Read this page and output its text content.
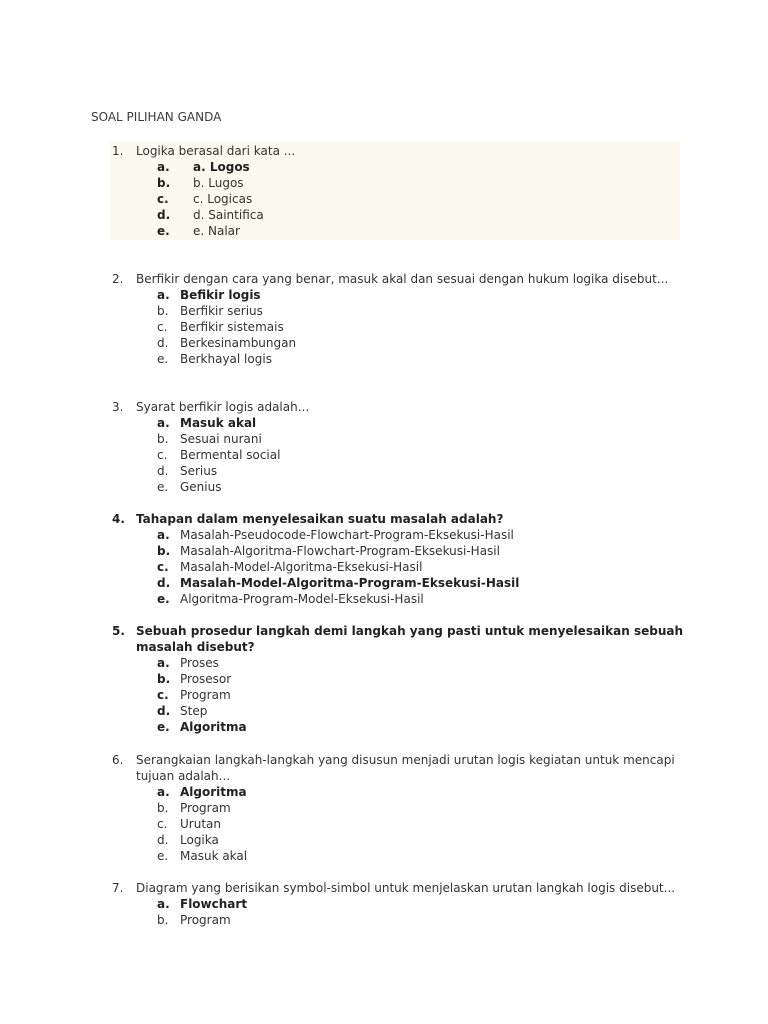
SOAL PILIHAN GANDA
1.	Logika berasal dari kata ...
a.	a. Logos
b.	b. Lugos
c.	c. Logicas
d.	d. Saintifica
e.	e. Nalar
2.	Berfikir dengan cara yang benar, masuk akal dan sesuai dengan hukum logika disebut...
a. Befikir logis
b. Berfikir serius
c.	Berfikir sistemais
d. Berkesinambungan
e. Berkhayal logis
3.	Syarat berfikir logis adalah...
a. Masuk akal
b. Sesuai nurani
c.	Bermental social
d. Serius
e. Genius
4. Tahapan dalam menyelesaikan suatu masalah adalah?
a. Masalah-Pseudocode-Flowchart-Program-Eksekusi-Hasil
b. Masalah-Algoritma-Flowchart-Program-Eksekusi-Hasil
c. Masalah-Model-Algoritma-Eksekusi-Hasil
d. Masalah-Model-Algoritma-Program-Eksekusi-Hasil
e. Algoritma-Program-Model-Eksekusi-Hasil
5. Sebuah prosedur langkah demi langkah yang pasti untuk menyelesaikan sebuah masalah disebut?
a. Proses
b. Prosesor
c. Program
d. Step
e. Algoritma
6.	Serangkaian langkah-langkah yang disusun menjadi urutan logis kegiatan untuk mencapi tujuan adalah...
a. Algoritma
b. Program
c.	Urutan
d. Logika
e. Masuk akal
7.	Diagram yang berisikan symbol-simbol untuk menjelaskan urutan langkah logis disebut...
a. Flowchart
b. Program
